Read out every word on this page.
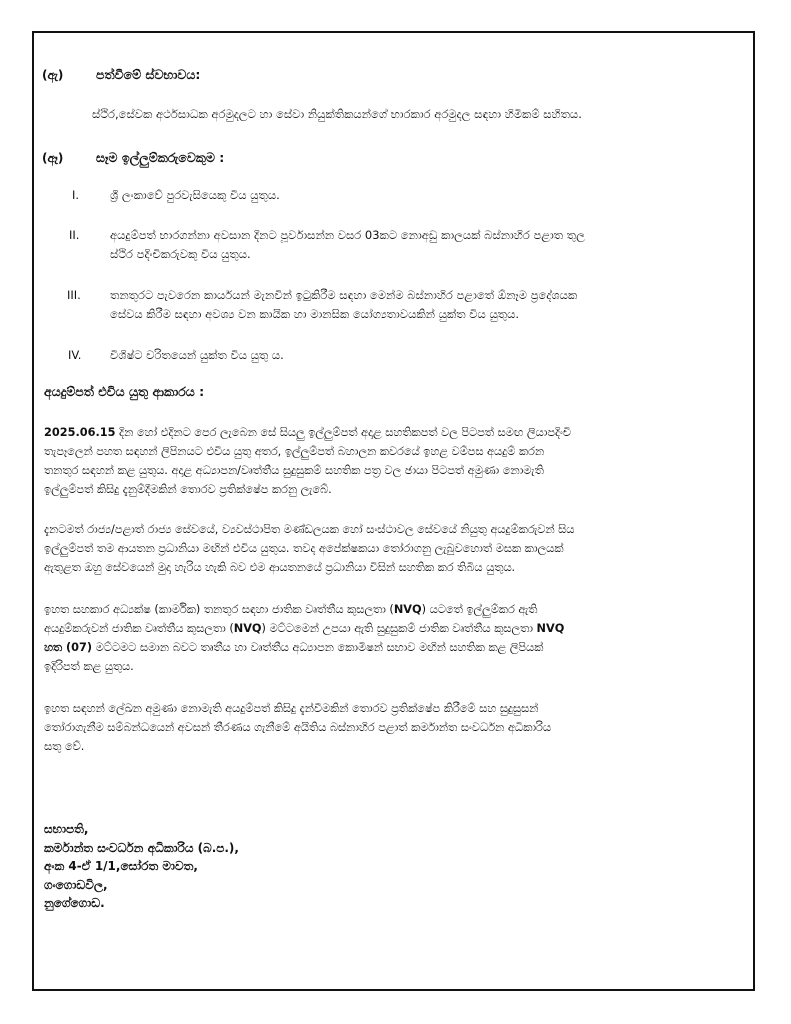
(ඇ)	පත්වීමේ ස්වභාවය:
ස්ථිර,සේවක අර්ථසාධක අරමුදලට හා සේවා නියුක්තිකයන්ගේ භාරකාර අරමුදල සඳහා හිමිකම් සහිතය.
(ඈ)	සෑම ඉල්ලුම්කරුවෙකුම :
I.	ශ්‍රී ලංකාවේ පුරවැසියෙකු විය යුතුය.
II.	අයදුම්පත් භාරගන්නා අවසාන දිනට පූර්වාසන්න වසර 03කට නොඅඩු කාලයක් බස්නාහිර පළාත තුල
ස්ථිර පදිංචිකරුවකු විය යුතුය.
III.	තනතුරට පැවරෙන කාර්යයන් මැනවින් ඉටුකිරීම සඳහා මෙන්ම බස්නාහිර පළාතේ ඕනෑම ප්‍රදේශයක
සේවය කිරීම සඳහා අවශ්‍ය වන කායික හා මානසික යෝග්‍යතාවයකින් යුක්ත විය යුතුය.
IV. විශිෂ්ට චරිතයෙන් යුක්ත විය යුතු ය.
අයදුම්පත් එවිය යුතු ආකාරය :
2025.06.15 දින හෝ එදිනට පෙර ලැබෙන සේ සියලු ඉල්ලුම්පත් අදාළ සහතිකපත් වල පිටපත් සමඟ ලියාපදිංචි
තැපෑලෙන් පහත සඳහන් ලිපිනයට එවිය යුතු අතර, ඉල්ලුම්පත් බහාලන කවරයේ ඉහළ වම්පස අයදුම් කරන
තනතුර සඳහන් කළ යුතුය. අදාළ අධ්‍යාපන/වෘත්තීය සුදුසුකම් සහතික පත්‍ර වල ඡායා පිටපත් අමුණා නොමැති
ඉල්ලුම්පත් කිසිදු දැනුම්දීමකින් තොරව ප්‍රතික්ෂේප කරනු ලැබේ.
දැනටමත් රාජ්‍ය/පළාත් රාජ්‍ය සේවයේ, ව්‍යවස්ථාපිත මණ්ඩලයක හෝ සංස්ථාවල සේවයේ නියුතු අයදුම්කරුවන් සිය
ඉල්ලුම්පත් තම ආයතන ප්‍රධානියා මඟින් එවිය යුතුය. තවද අපේක්ෂකයා තෝරාගනු ලැබුවහොත් මසක කාලයක්
ඇතුළත ඔහු සේවයෙන් මුදා හැරිය හැකි බව එම ආයතනයේ ප්‍රධානියා විසින් සහතික කර තිබිය යුතුය.
ඉහත සහකාර අධ්‍යක්ෂ (කාර්මික) තනතුර සඳහා ජාතික වෘත්තීය කුසලතා (NVQ) යටතේ ඉල්ලුම්කර ඇති
අයදුම්කරුවන් ජාතික වෘත්තීය කුසලතා (NVQ) මට්ටමෙන් උපයා ඇති සුදුසුකම් ජාතික වෘත්තීය කුසලතා NVQ
හත (07) මට්ටමට සමාන බවට තෘතීය හා වෘත්තීය අධ්‍යාපන කොමිෂන් සභාව මඟින් සහතික කළ ලිපියක්
ඉදිරිපත් කළ යුතුය.
ඉහත සඳහන් ලේඛන අමුණා නොමැති අයදුම්පත් කිසිදු දැන්වීමකින් තොරව ප්‍රතික්ෂේප කිරීමේ සහ සුදුසුසන්
තෝරාගැනීම සම්බන්ධයෙන් අවසන් තීරණය ගැනීමේ අයිතිය බස්නාහිර පළාත් කර්මාන්ත සංවර්ධන අධිකාරිය
සතු වේ.
සභාපති,
කර්මාන්ත සංවර්ධන අධිකාරිය (බ.ප.),
අංක 4-ඒ 1/1,සෝරත මාවත,
ගංගොඩවිල,
නුගේගොඩ.
